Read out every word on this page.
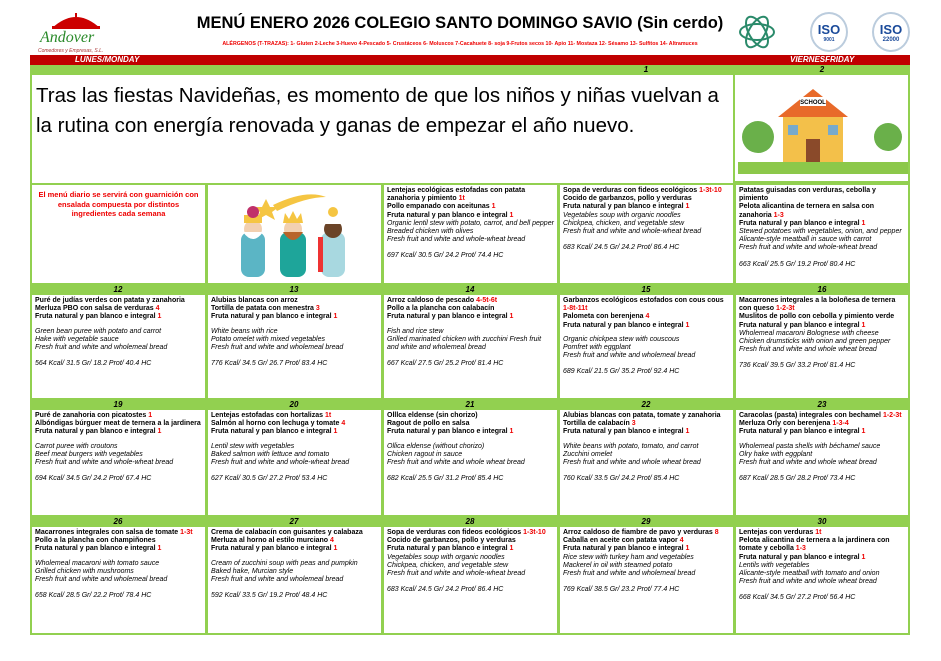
Andover
Comedores y Empresas, S.L.
MENÚ ENERO 2026 COLEGIO SANTO DOMINGO SAVIO (Sin cerdo)
ALÉRGENOS (T-TRAZAS): 1- Gluten 2-Leche 3-Huevo 4-Pescado 5- Crustáceos 6- Moluscos 7-Cacahuete 8- soja 9-Frutos secos 10- Apio 11- Mostaza 12- Sésamo 13- Sulfitos 14- Altramuces
ISO
9001
ISO
22000
LUNES/MONDAY	VIERNESFRIDAY
1	2
Tras las fiestas Navideñas, es momento de que los niños y niñas vuelvan a la rutina con energía renovada y ganas de empezar el año nuevo.
SCHOOL
El menú diario se servirá con guarnición con ensalada compuesta por distintos ingredientes cada semana
Lentejas ecológicas estofadas con patata zanahoria y pimiento 1t
Pollo empanado con aceitunas 1
Fruta natural y pan blanco e integral 1
Organic lentil stew with potato, carrot, and bell pepper
Breaded chicken with olives
Fresh fruit and white and whole-wheat bread
697 Kcal/ 30.5 Gr/ 24.2 Prot/ 74.4 HC
Sopa de verduras con fideos ecológicos 1-3t-10
Cocido de garbanzos, pollo y verduras
Fruta natural y pan blanco e integral 1
Vegetables soup with organic noodles
Chickpea, chicken, and vegetable stew
Fresh fruit and white and whole-wheat bread
683 Kcal/ 24.5 Gr/ 24.2 Prot/ 86.4 HC
Patatas guisadas con verduras, cebolla y pimiento
Pelota alicantina de ternera en salsa con zanahoria 1-3
Fruta natural y pan blanco e integral 1
Stewed potatoes with vegetables, onion, and pepper
Alicante-style meatball in sauce with carrot
Fresh fruit and white and whole-wheat bread
663 Kcal/ 25.5 Gr/ 19.2 Prot/ 80.4 HC
12	13	14	15	16
Puré de judías verdes con patata y zanahoria
Merluza PBO con salsa de verduras 4
Fruta natural y pan blanco e integral 1
Green bean puree with potato and carrot
Hake with vegetable sauce
Fresh fruit and white and wholemeal bread
564 Kcal/ 31.5 Gr/ 18.2 Prot/ 40.4 HC
Alubias blancas con arroz
Tortilla de patata con menestra 3
Fruta natural y pan blanco e integral 1
White beans with rice
Potato omelet with mixed vegetables
Fresh fruit and white and wholemeal bread
776 Kcal/ 34.5 Gr/ 26.7 Prot/ 83.4 HC
Arroz caldoso de pescado 4-5t-6t
Pollo a la plancha con calabacín
Fruta natural y pan blanco e integral 1
Fish and rice stew
Grilled marinated chicken with zucchini Fresh fruit and white and wholemeal bread
667 Kcal/ 27.5 Gr/ 25.2 Prot/ 81.4 HC
Garbanzos ecológicos estofados con cous cous 1-8t-11t
Palometa con berenjena 4
Fruta natural y pan blanco e integral 1
Organic chickpea stew with couscous
Pomfret with eggplant
Fresh fruit and white and wholemeal bread
689 Kcal/ 21.5 Gr/ 35.2 Prot/ 92.4 HC
Macarrones integrales a la boloñesa de ternera con queso 1-2-3t
Muslitos de pollo con cebolla y pimiento verde
Fruta natural y pan blanco e integral 1
Wholemeal macaroni Bolognese with cheese
Chicken drumsticks with onion and green pepper
Fresh fruit and white and whole wheat bread
736 Kcal/ 39.5 Gr/ 33.2 Prot/ 81.4 HC
19	20	21	22	23
Puré de zanahoria con picatostes 1
Albóndigas búrguer meat de ternera a la jardinera
Fruta natural y pan blanco e integral 1
Carrot puree with croutons
Beef meat burgers with vegetables
Fresh fruit and white and whole-wheat bread
694 Kcal/ 34.5 Gr/ 24.2 Prot/ 67.4 HC
Lentejas estofadas con hortalizas 1t
Salmón al horno con lechuga y tomate 4
Fruta natural y pan blanco e integral 1
Lentil stew with vegetables
Baked salmon with lettuce and tomato
Fresh fruit and white and whole-wheat bread
627 Kcal/ 30.5 Gr/ 27.2 Prot/ 53.4 HC
Olllca eldense (sin chorizo)
Ragout de pollo en salsa
Fruta natural y pan blanco e integral 1
Ollica eldense (without chorizo)
Chicken ragout in sauce
Fresh fruit and white and whole wheat bread
682 Kcal/ 25.5 Gr/ 31.2 Prot/ 85.4 HC
Alubias blancas con patata, tomate y zanahoria
Tortilla de calabacín 3
Fruta natural y pan blanco e integral 1
White beans with potato, tomato, and carrot
Zucchini omelet
Fresh fruit and white and whole wheat bread
760 Kcal/ 33.5 Gr/ 24.2 Prot/ 85.4 HC
Caracolas (pasta) integrales con bechamel 1-2-3t
Merluza Orly con berenjena 1-3-4
Fruta natural y pan blanco e integral 1
Wholemeal pasta shells with béchamel sauce
Olry hake with eggplant
Fresh fruit and white and whole wheat bread
687 Kcal/ 28.5 Gr/ 28.2 Prot/ 73.4 HC
26	27	28	29	30
Macarrones integrales con salsa de tomate 1-3t
Pollo a la plancha con champiñones
Fruta natural y pan blanco e integral 1
Wholemeal macaroni with tomato sauce
Grilled chicken with mushrooms
Fresh fruit and white and wholemeal bread
658 Kcal/ 28.5 Gr/ 22.2 Prot/ 78.4 HC
Crema de calabacín con guisantes y calabaza
Merluza al horno al estilo murciano 4
Fruta natural y pan blanco e integral 1
Cream of zucchini soup with peas and pumpkin
Baked hake, Murcian style
Fresh fruit and white and wholemeal bread
592 Kcal/ 33.5 Gr/ 19.2 Prot/ 48.4 HC
Sopa de verduras con fideos ecológicos 1-3t-10
Cocido de garbanzos, pollo y verduras
Fruta natural y pan blanco e integral 1
Vegetables soup with organic noodles
Chickpea, chicken, and vegetable stew
Fresh fruit and white and whole-wheat bread
683 Kcal/ 24.5 Gr/ 24.2 Prot/ 86.4 HC
Arroz caldoso de fiambre de pavo y verduras 8
Caballa en aceite con patata vapor 4
Fruta natural y pan blanco e integral 1
Rice stew with turkey ham and vegetables
Mackerel in oil with steamed potato
Fresh fruit and white and wholemeal bread
769 Kcal/ 38.5 Gr/ 23.2 Prot/ 77.4 HC
Lentejas con verduras 1t
Pelota alicantina de ternera a la jardinera con tomate y cebolla 1-3
Fruta natural y pan blanco e integral 1
Lentils with vegetables
Alicante-style meatball with tomato and onion
Fresh fruit and white and whole wheat bread
668 Kcal/ 34.5 Gr/ 27.2 Prot/ 56.4 HC
